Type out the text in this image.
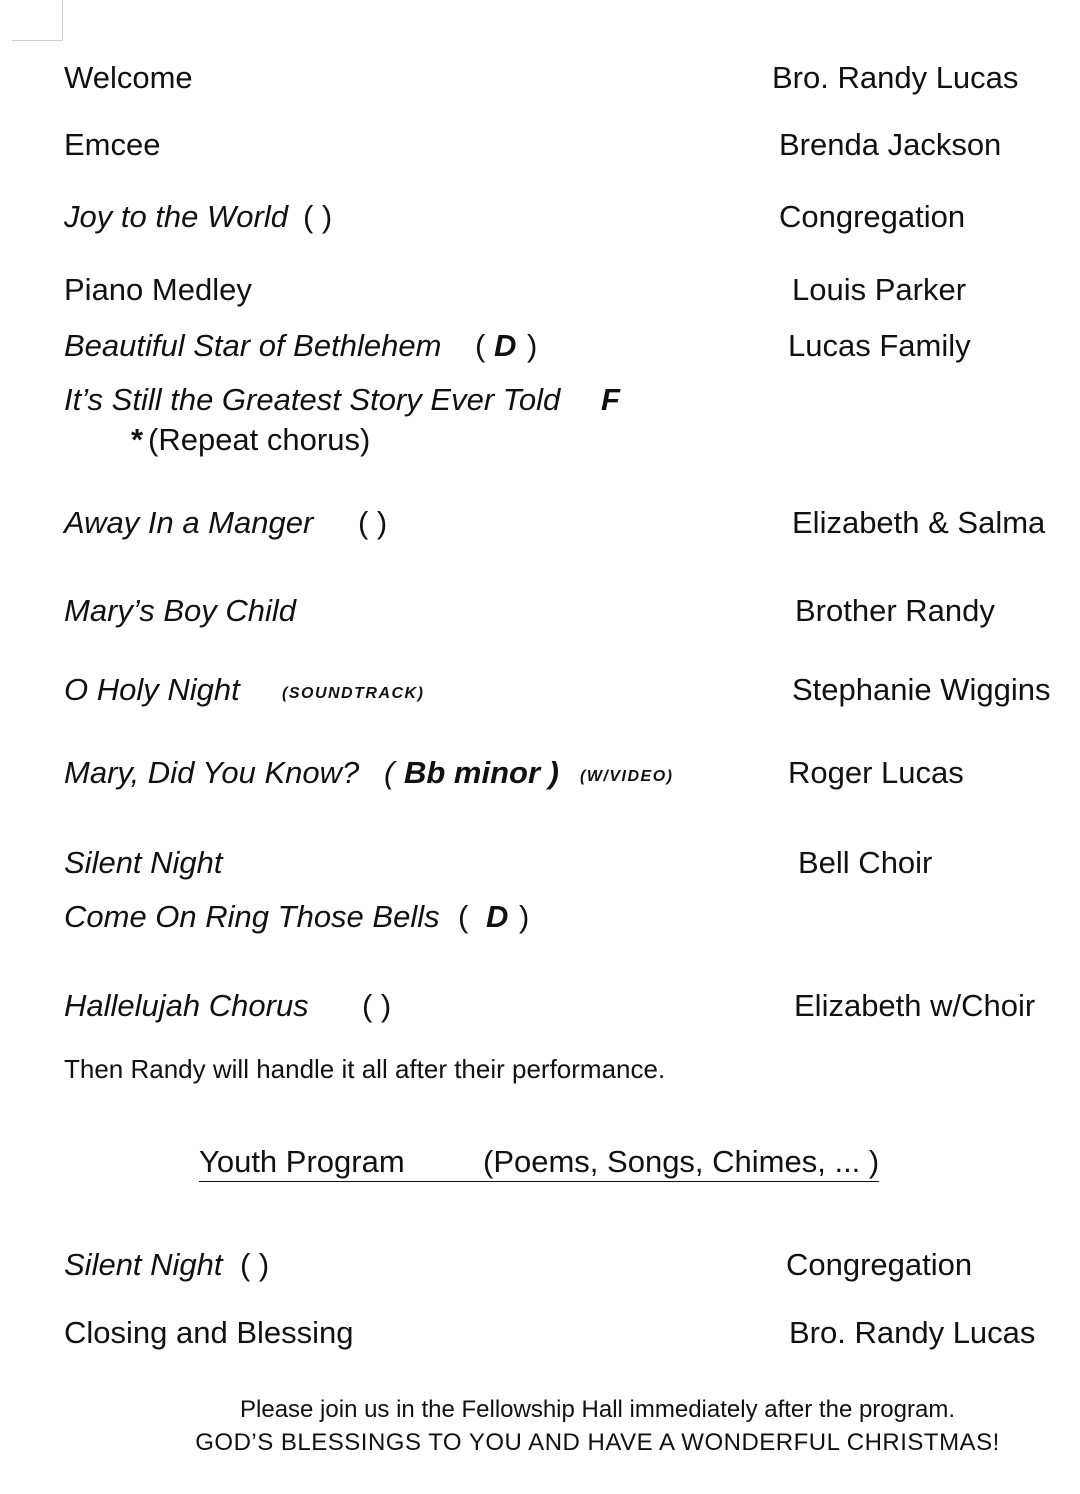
Welcome	Bro. Randy Lucas
Emcee	Brenda Jackson
Joy to the World ( )	Congregation
Piano Medley	Louis Parker
Beautiful Star of Bethlehem ( D )	Lucas Family
It’s Still the Greatest Story Ever Told F
* (Repeat chorus)
Away In a Manger ( )	Elizabeth & Salma
Mary’s Boy Child	Brother Randy
O Holy Night	(SOUNDTRACK)	Stephanie Wiggins
Mary, Did You Know? ( Bb minor ) (W/VIDEO)	Roger Lucas
Silent Night	Bell Choir
Come On Ring Those Bells ( D )
Hallelujah Chorus ( )	Elizabeth w/Choir
Then Randy will handle it all after their performance.
Youth Program	(Poems, Songs, Chimes, ... )
Silent Night ( )	Congregation
Closing and Blessing	Bro. Randy Lucas
Please join us in the Fellowship Hall immediately after the program.
GOD’S BLESSINGS TO YOU AND HAVE A WONDERFUL CHRISTMAS!
